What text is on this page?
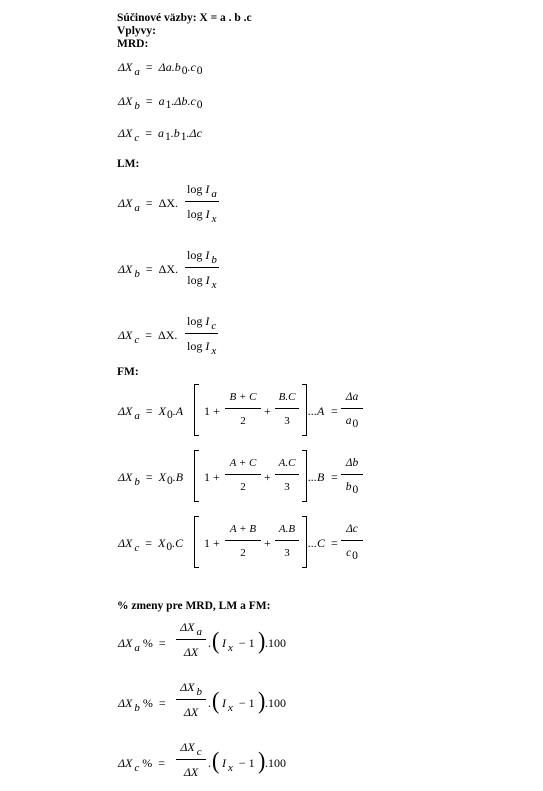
Súčinové väzby: X = a . b .c
Vplyvy:
MRD:
ΔX a = Δa.b0.c0
ΔX b = a1.Δb.c0
ΔX c = a1.b1.Δc
LM:
ΔX a = ΔX.
log I a
log I x
ΔX b = ΔX.
log I b
log I x
ΔX c = ΔX.
log I c
log I x
FM:
ΔX a = X0.A 1 +
B + C
2
+
B.C
3
...A =
Δa
a0
ΔX b = X0.B 1 +
A + C
2
+
A.C
3
...B =
Δb
b0
ΔX c = X0.C 1 +
A + B
2
+
A.B
3
...C =
Δc
c0
% zmeny pre MRD, LM a FM:
ΔX a % =
ΔX a
ΔX
. ( I x − 1 ) .100
ΔX b % =
ΔX b
ΔX
. ( I x − 1 ) .100
ΔX c % =
ΔX c
ΔX
. ( I x − 1 ) .100
